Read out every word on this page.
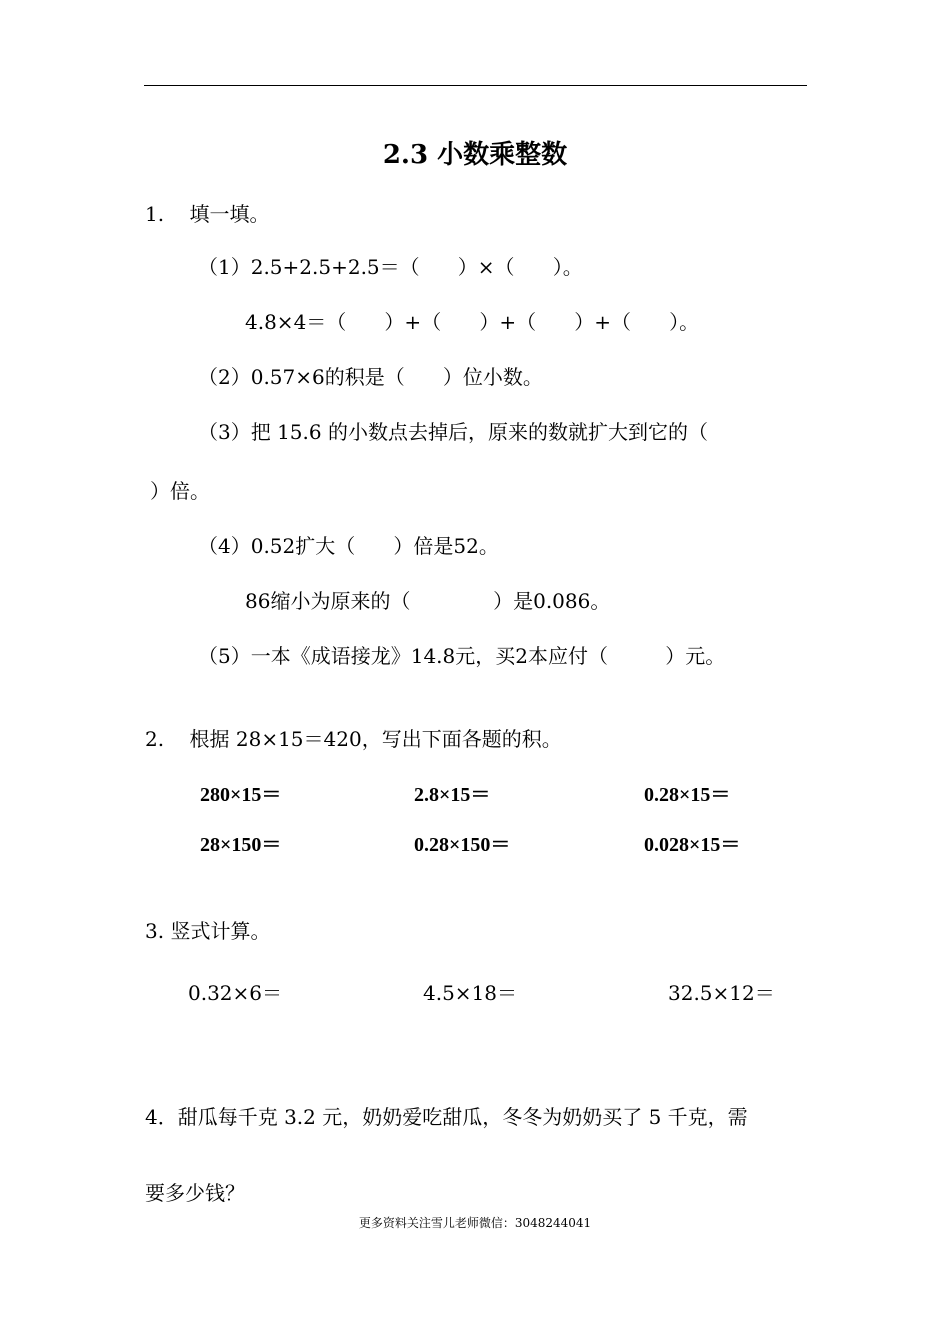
2.3 小数乘整数
1.    填一填。
（1）2.5+2.5+2.5＝（      ）×（      ）。
4.8×4＝（      ）+（      ）+（      ）+（      ）。
（2）0.57×6的积是（      ）位小数。
（3）把 15.6 的小数点去掉后，原来的数就扩大到它的（
）倍。
（4）0.52扩大（      ）倍是52。
86缩小为原来的（             ）是0.086。
（5）一本《成语接龙》14.8元，买2本应付（         ）元。
2.    根据 28×15＝420，写出下面各题的积。
280×15＝	2.8×15＝	0.28×15＝
28×150＝	0.28×150＝	0.028×15＝
3. 竖式计算。
0.32×6＝	4.5×18＝	32.5×12＝
4．甜瓜每千克 3.2 元，奶奶爱吃甜瓜，冬冬为奶奶买了 5 千克，需
要多少钱？
更多资料关注雪儿老师微信：3048244041
